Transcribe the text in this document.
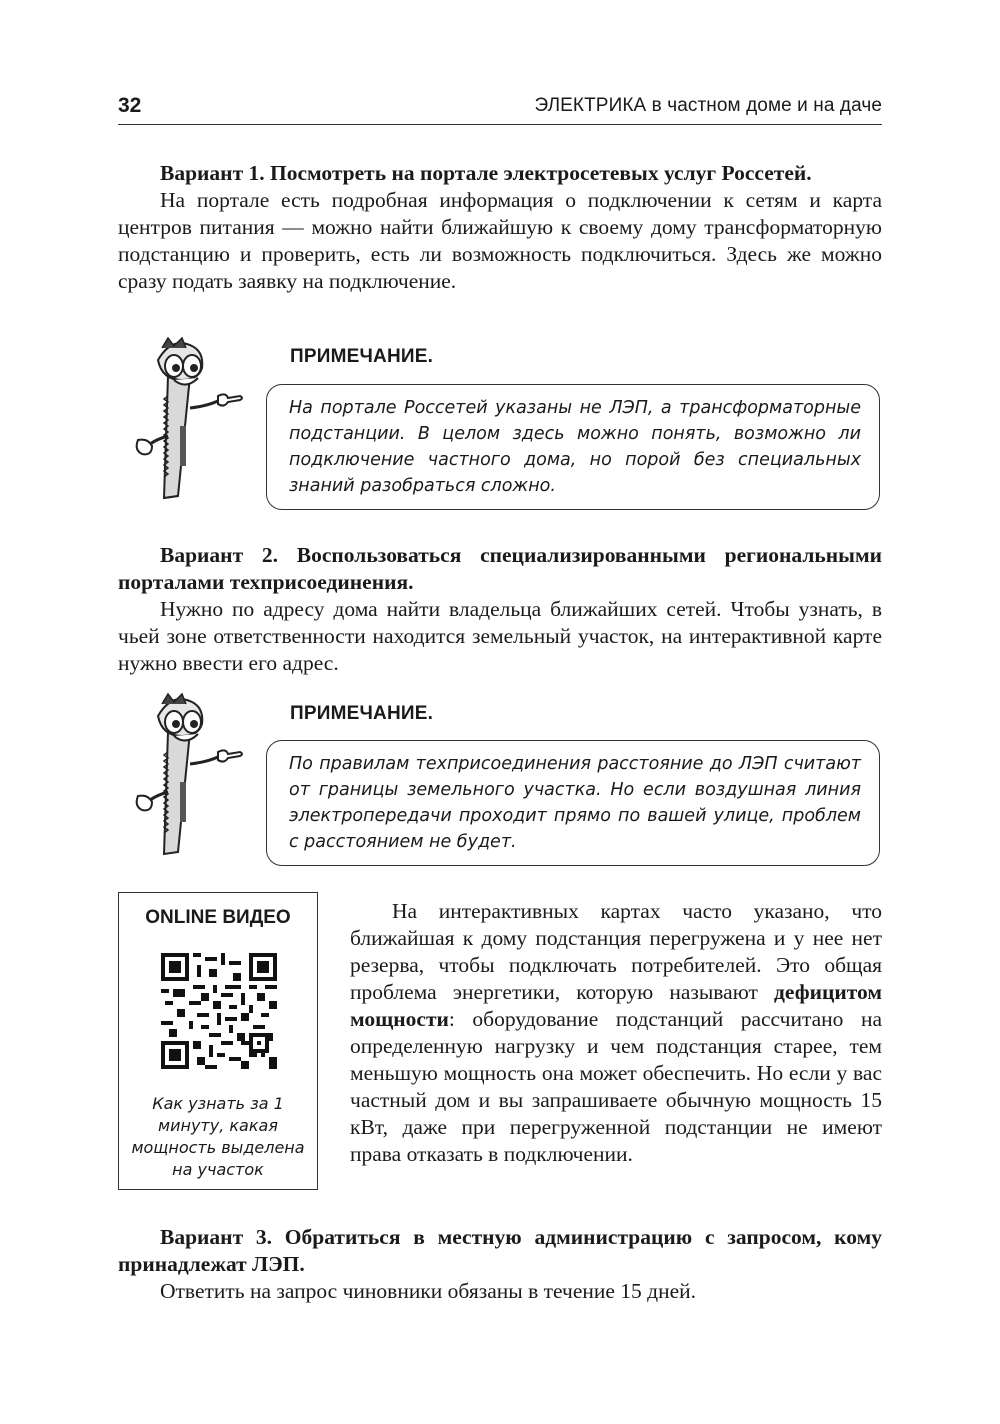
32	ЭЛЕКТРИКА в частном доме и на даче

Вариант 1. Посмотреть на портале электросетевых услуг Россетей.

На портале есть подробная информация о подключении к сетям и карта центров питания — можно найти ближайшую к своему дому трансформаторную подстанцию и проверить, есть ли возможность подключиться. Здесь же можно сразу подать заявку на подключение.

ПРИМЕЧАНИЕ.

На портале Россетей указаны не ЛЭП, а трансформаторные подстанции. В целом здесь можно понять, возможно ли подключение частного дома, но порой без специальных знаний разобраться сложно.

Вариант 2. Воспользоваться специализированными региональными порталами техприсоединения.

Нужно по адресу дома найти владельца ближайших сетей. Чтобы узнать, в чьей зоне ответственности находится земельный участок, на интерактивной карте нужно ввести его адрес.

ПРИМЕЧАНИЕ.

По правилам техприсоединения расстояние до ЛЭП считают от границы земельного участка. Но если воздушная линия электропередачи проходит прямо по вашей улице, проблем с расстоянием не будет.

ONLINE ВИДЕО
Как узнать за 1 минуту, какая мощность выделена на участок

На интерактивных картах часто указано, что ближайшая к дому подстанция перегружена и у нее нет резерва, чтобы подключать потребителей. Это общая проблема энергетики, которую называют дефицитом мощности: оборудование подстанций рассчитано на определенную нагрузку и чем подстанция старее, тем меньшую мощность она может обеспечить. Но если у вас частный дом и вы запрашиваете обычную мощность 15 кВт, даже при перегруженной подстанции не имеют права отказать в подключении.

Вариант 3. Обратиться в местную администрацию с запросом, кому принадлежат ЛЭП.

Ответить на запрос чиновники обязаны в течение 15 дней.
